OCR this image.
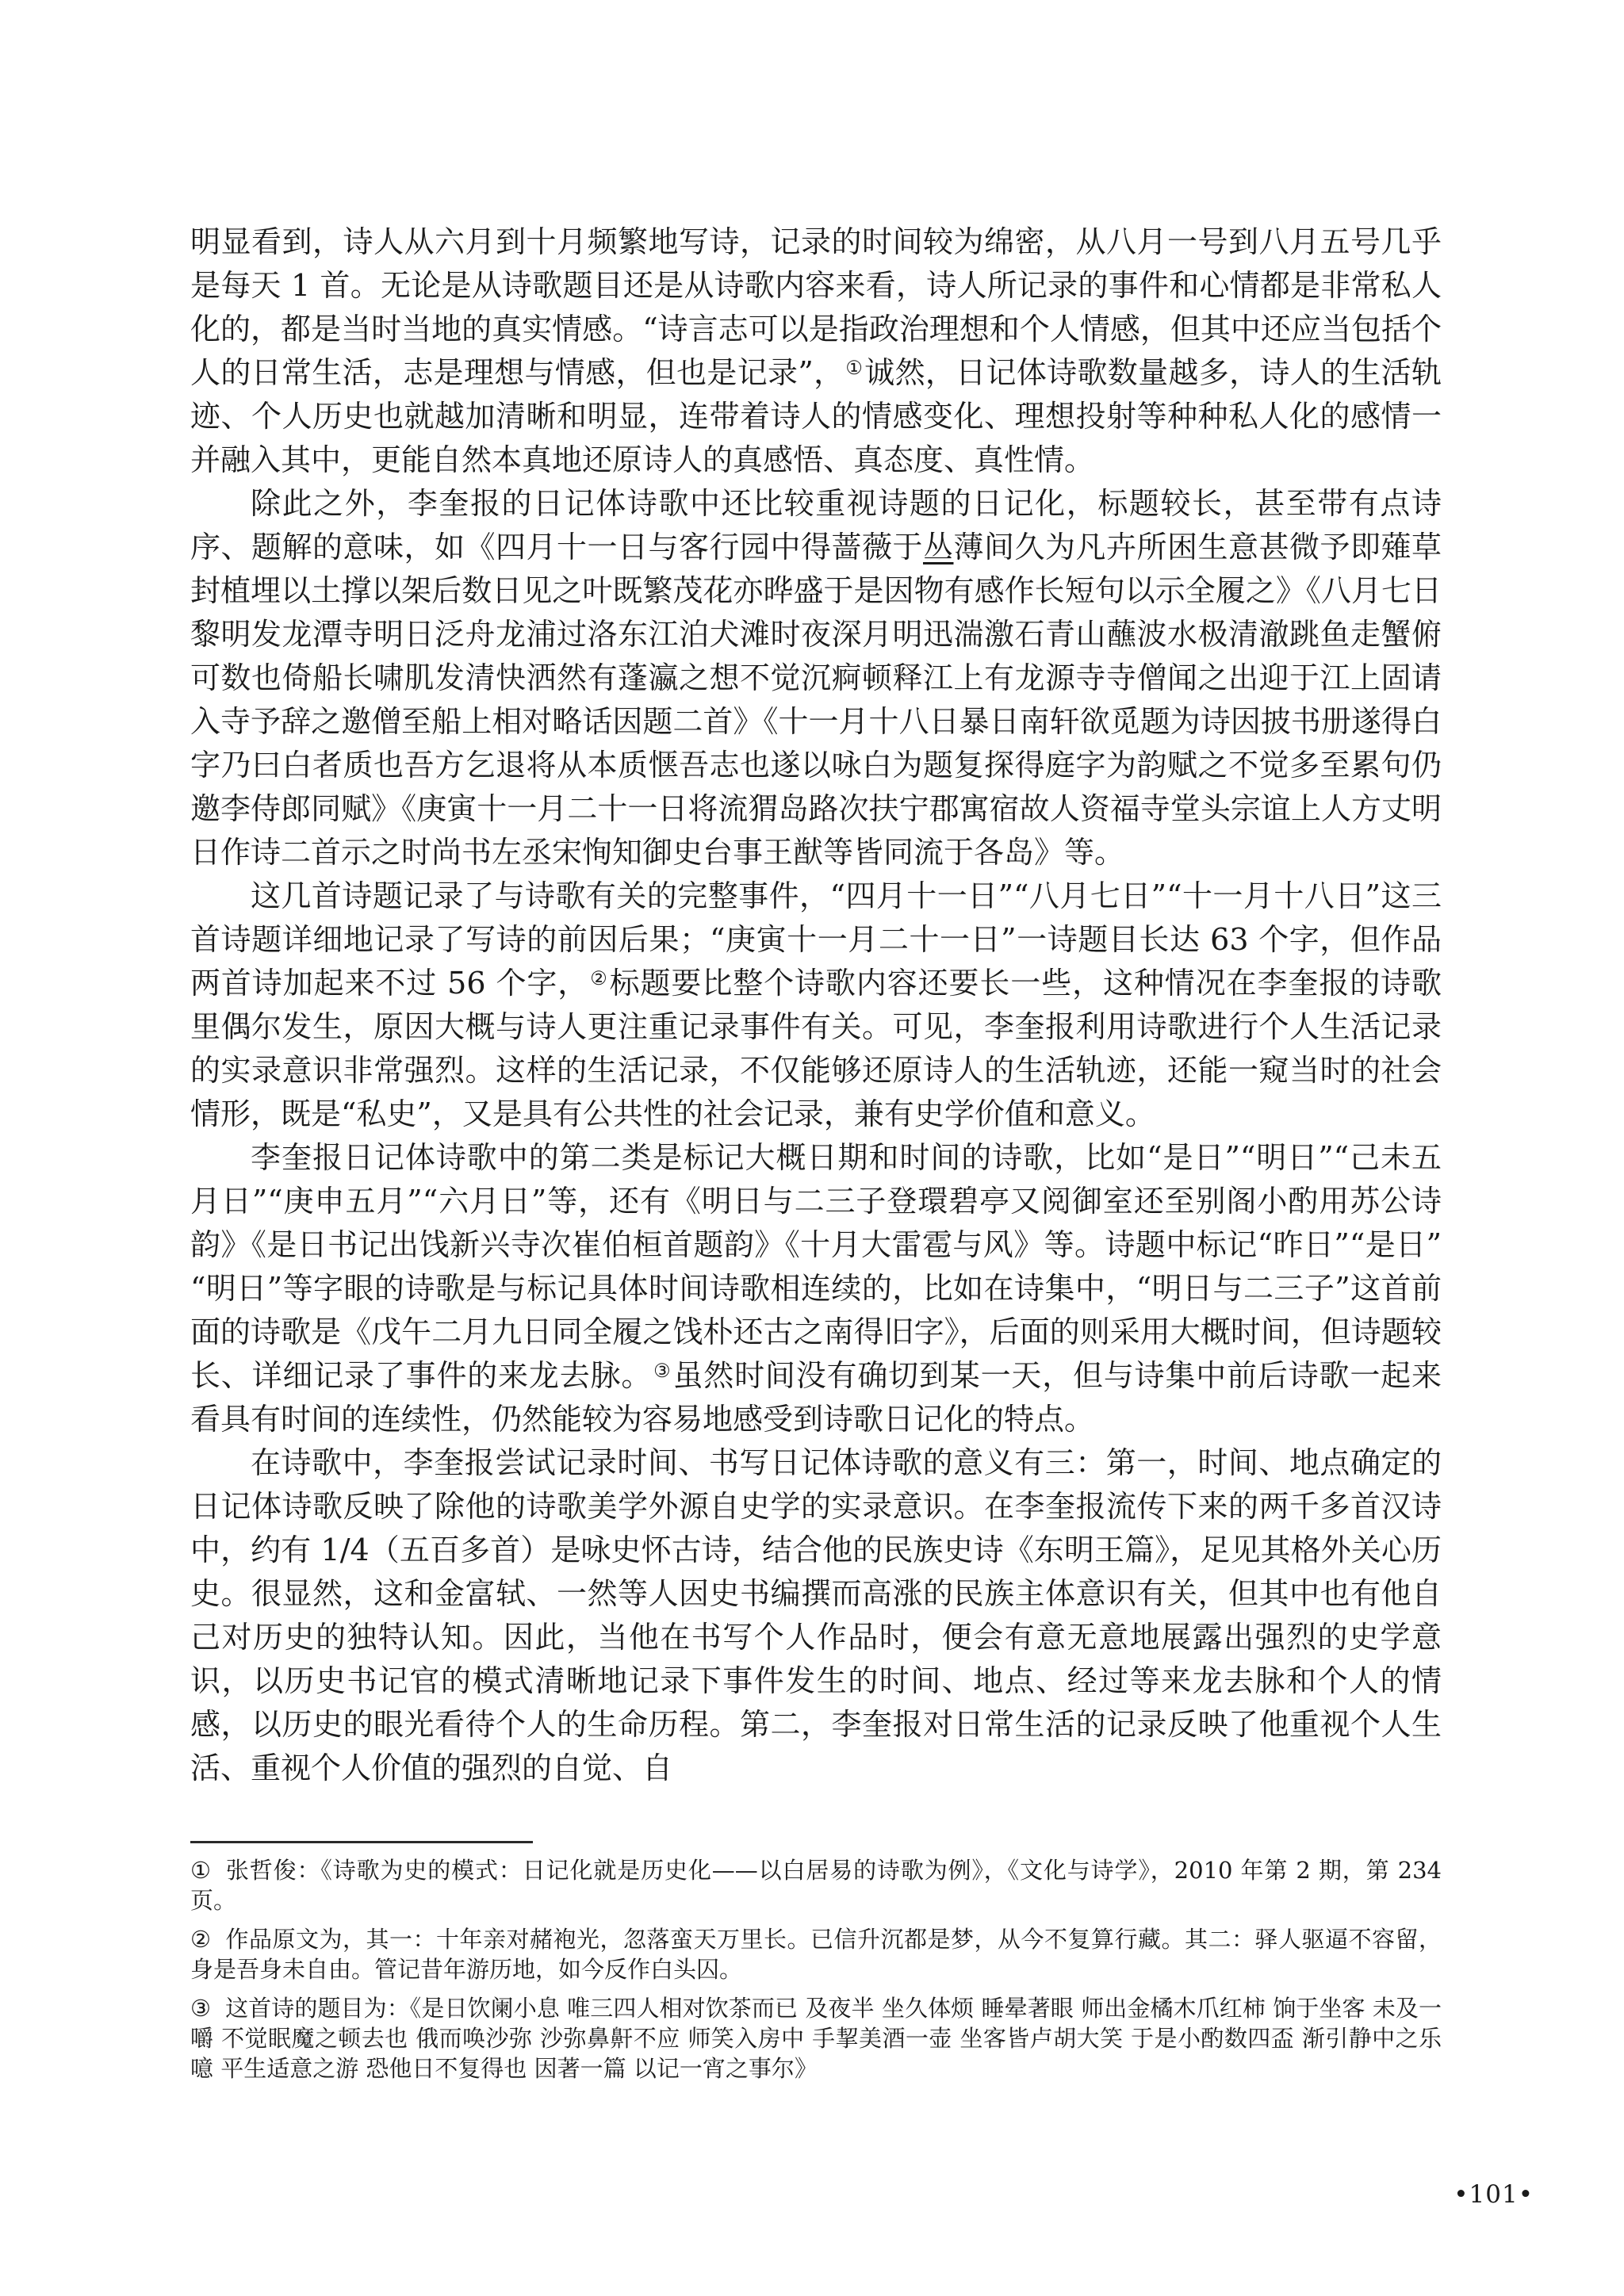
明显看到，诗人从六月到十月频繁地写诗，记录的时间较为绵密，从八月一号到八月五号几乎是每天 1 首。无论是从诗歌题目还是从诗歌内容来看，诗人所记录的事件和心情都是非常私人化的，都是当时当地的真实情感。“诗言志可以是指政治理想和个人情感，但其中还应当包括个人的日常生活，志是理想与情感，但也是记录”，①诚然，日记体诗歌数量越多，诗人的生活轨迹、个人历史也就越加清晰和明显，连带着诗人的情感变化、理想投射等种种私人化的感情一并融入其中，更能自然本真地还原诗人的真感悟、真态度、真性情。

除此之外，李奎报的日记体诗歌中还比较重视诗题的日记化，标题较长，甚至带有点诗序、题解的意味，如《四月十一日与客行园中得蔷薇于丛薄间久为凡卉所困生意甚微予即薙草封植埋以土撑以架后数日见之叶既繁茂花亦晔盛于是因物有感作长短句以示全履之》《八月七日黎明发龙潭寺明日泛舟龙浦过洛东江泊犬滩时夜深月明迅湍激石青山蘸波水极清澈跳鱼走蟹俯可数也倚船长啸肌发清快洒然有蓬瀛之想不觉沉痾顿释江上有龙源寺寺僧闻之出迎于江上固请入寺予辞之邀僧至船上相对略话因题二首》《十一月十八日暴日南轩欲觅题为诗因披书册遂得白字乃曰白者质也吾方乞退将从本质惬吾志也遂以咏白为题复探得庭字为韵赋之不觉多至累句仍邀李侍郎同赋》《庚寅十一月二十一日将流猬岛路次扶宁郡寓宿故人资福寺堂头宗谊上人方丈明日作诗二首示之时尚书左丞宋恂知御史台事王猷等皆同流于各岛》等。

这几首诗题记录了与诗歌有关的完整事件，“四月十一日”“八月七日”“十一月十八日”这三首诗题详细地记录了写诗的前因后果；“庚寅十一月二十一日”一诗题目长达 63 个字，但作品两首诗加起来不过 56 个字，②标题要比整个诗歌内容还要长一些，这种情况在李奎报的诗歌里偶尔发生，原因大概与诗人更注重记录事件有关。可见，李奎报利用诗歌进行个人生活记录的实录意识非常强烈。这样的生活记录，不仅能够还原诗人的生活轨迹，还能一窥当时的社会情形，既是“私史”，又是具有公共性的社会记录，兼有史学价值和意义。

李奎报日记体诗歌中的第二类是标记大概日期和时间的诗歌，比如“是日”“明日”“己未五月日”“庚申五月”“六月日”等，还有《明日与二三子登環碧亭又阅御室还至别阁小酌用苏公诗韵》《是日书记出饯新兴寺次崔伯桓首题韵》《十月大雷雹与风》等。诗题中标记“昨日”“是日”“明日”等字眼的诗歌是与标记具体时间诗歌相连续的，比如在诗集中，“明日与二三子”这首前面的诗歌是《戊午二月九日同全履之饯朴还古之南得旧字》，后面的则采用大概时间，但诗题较长、详细记录了事件的来龙去脉。③虽然时间没有确切到某一天，但与诗集中前后诗歌一起来看具有时间的连续性，仍然能较为容易地感受到诗歌日记化的特点。

在诗歌中，李奎报尝试记录时间、书写日记体诗歌的意义有三：第一，时间、地点确定的日记体诗歌反映了除他的诗歌美学外源自史学的实录意识。在李奎报流传下来的两千多首汉诗中，约有 1/4（五百多首）是咏史怀古诗，结合他的民族史诗《东明王篇》，足见其格外关心历史。很显然，这和金富轼、一然等人因史书编撰而高涨的民族主体意识有关，但其中也有他自己对历史的独特认知。因此，当他在书写个人作品时，便会有意无意地展露出强烈的史学意识，以历史书记官的模式清晰地记录下事件发生的时间、地点、经过等来龙去脉和个人的情感，以历史的眼光看待个人的生命历程。第二，李奎报对日常生活的记录反映了他重视个人生活、重视个人价值的强烈的自觉、自

① 张哲俊：《诗歌为史的模式：日记化就是历史化——以白居易的诗歌为例》，《文化与诗学》，2010 年第 2 期，第 234 页。

② 作品原文为，其一：十年亲对赭袍光，忽落蛮天万里长。已信升沉都是梦，从今不复算行藏。其二：驿人驱逼不容留，身是吾身未自由。管记昔年游历地，如今反作白头囚。

③ 这首诗的题目为：《是日饮阑小息 唯三四人相对饮茶而已 及夜半 坐久体烦 睡晕著眼 师出金橘木爪红柿 饷于坐客 未及一嚼 不觉眠魔之顿去也 俄而唤沙弥 沙弥鼻鼾不应 师笑入房中 手挈美酒一壶 坐客皆卢胡大笑 于是小酌数四盃 渐引静中之乐 噫 平生适意之游 恐他日不复得也 因著一篇 以记一宵之事尔》

•101•
